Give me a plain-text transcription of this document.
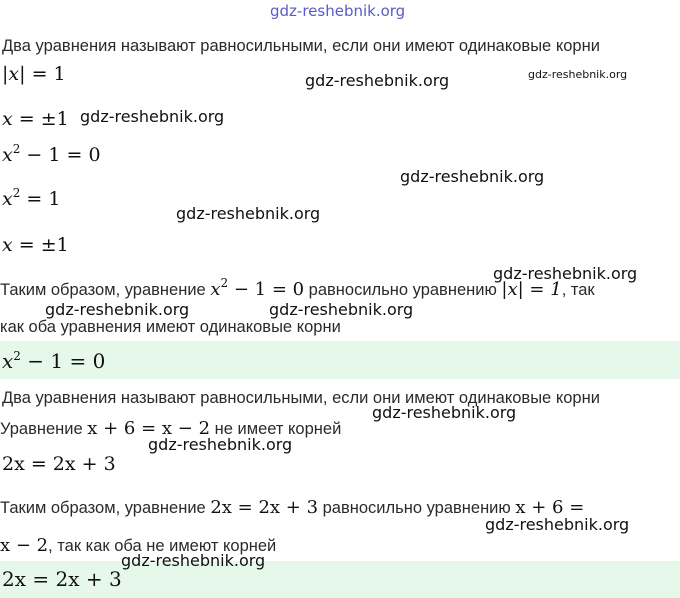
gdz-reshebnik.org
Два уравнения называют равносильными, если они имеют одинаковые корни
|x| = 1
x = ±1
$x^2 - 1 = 0$
$x^2 = 1$
x = ±1
Таким образом, уравнение $x^2 - 1 = 0$ равносильно уравнению |x| = 1, так
как оба уравнения имеют одинаковые корни
$x^2 - 1 = 0$
Два уравнения называют равносильными, если они имеют одинаковые корни
Уравнение x + 6 = x − 2 не имеет корней
2x = 2x + 3
Таким образом, уравнение 2x = 2x + 3 равносильно уравнению x + 6 =
x − 2, так как оба не имеют корней
2x = 2x + 3
gdz-reshebnik.org	gdz-reshebnik.org
gdz-reshebnik.org
gdz-reshebnik.org
gdz-reshebnik.org
gdz-reshebnik.org
gdz-reshebnik.org	gdz-reshebnik.org
gdz-reshebnik.org
gdz-reshebnik.org
gdz-reshebnik.org
gdz-reshebnik.org
